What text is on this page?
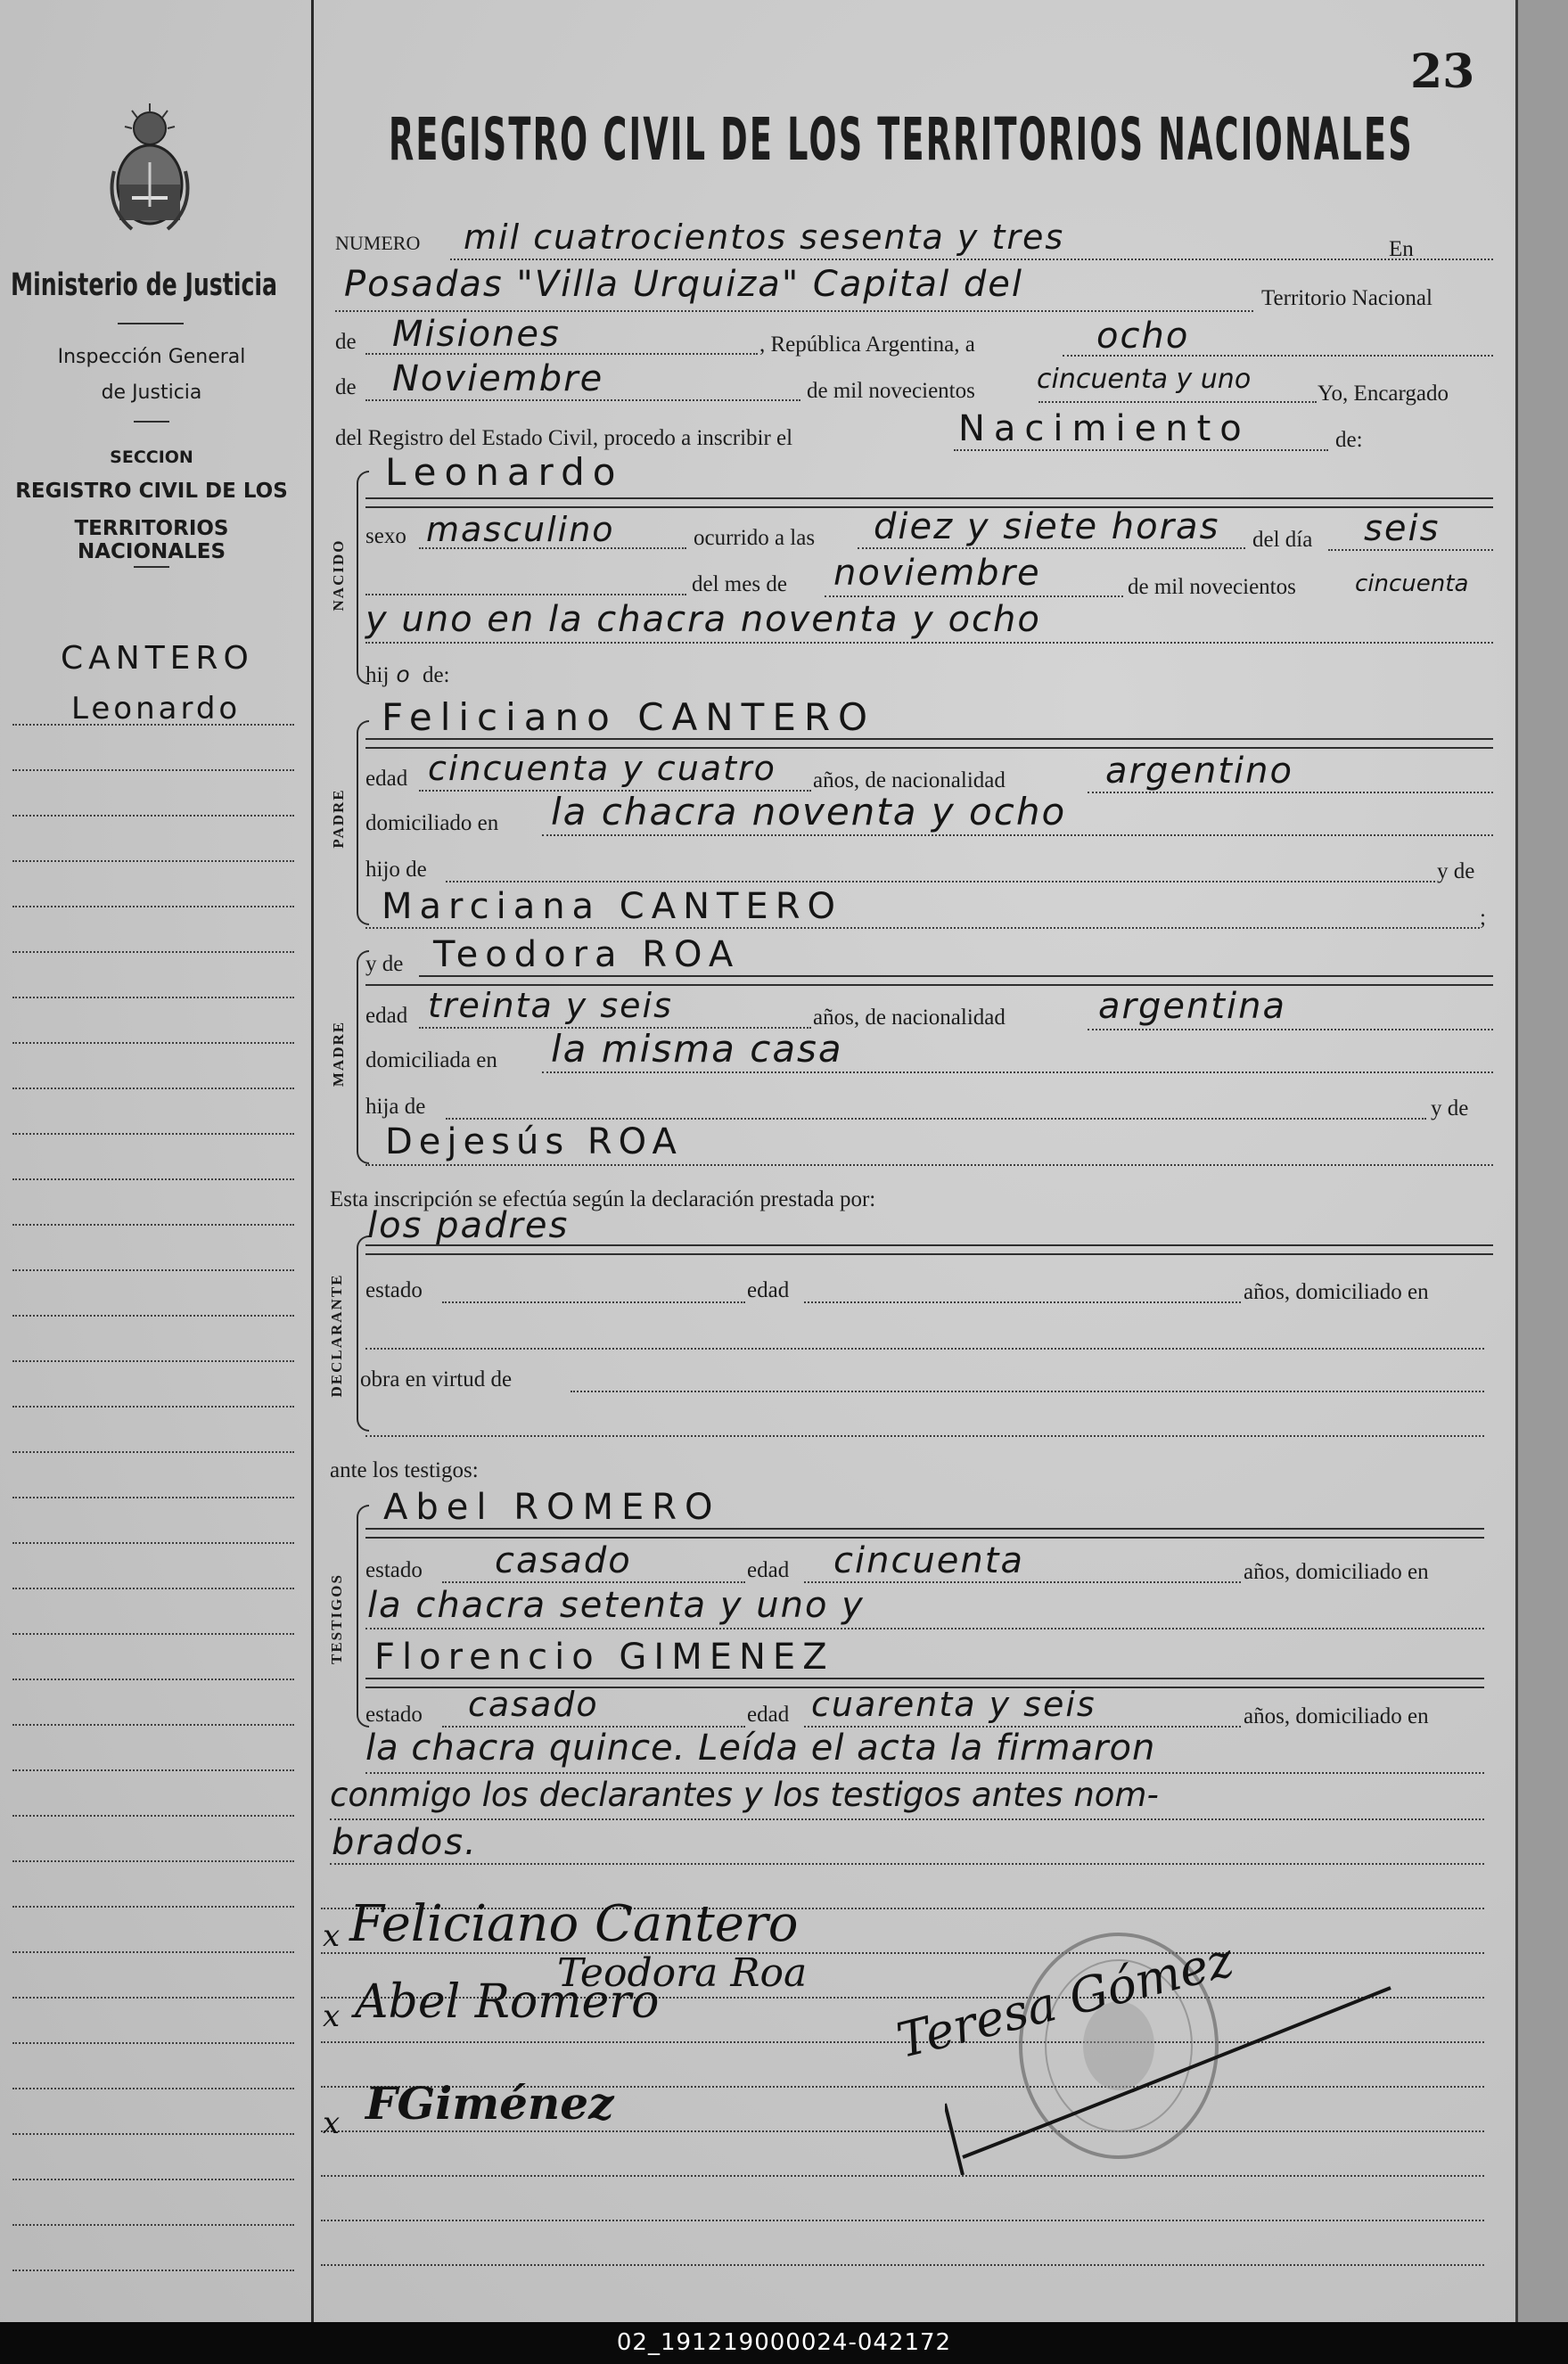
Ministerio de Justicia
Inspección General
de Justicia
SECCION
REGISTRO CIVIL DE LOS
TERRITORIOS NACIONALES
CANTERO
Leonardo
23
REGISTRO CIVIL DE LOS TERRITORIOS NACIONALES
NUMERO mil cuatrocientos sesenta y tres	En
Posadas "Villa Urquiza" Capital del	Territorio Nacional
de Misiones	, República Argentina, a	ocho
de Noviembre	de mil novecientos cincuenta y uno	Yo, Encargado
del Registro del Estado Civil, procedo a inscribir el	Nacimiento	de:
NACIDO
Leonardo
sexo masculino	ocurrido a las diez y siete horas del día seis
del mes de noviembre	de mil novecientos	cincuenta
y uno en la chacra noventa y ocho
hij o de:
PADRE
Feliciano CANTERO
edad cincuenta y cuatro años, de nacionalidad	argentino
domiciliado en la chacra noventa y ocho
hijo de	y de
Marciana CANTERO	;
y de
MADRE
Teodora ROA
edad treinta y seis	años, de nacionalidad	argentina
domiciliada en la misma casa
hija de	y de
Dejesús ROA
Esta inscripción se efectúa según la declaración prestada por:
DECLARANTE
los padres
estado	edad	años, domiciliado en
obra en virtud de
ante los testigos:
TESTIGOS
Abel ROMERO
estado casado	edad cincuenta	años, domiciliado en
la chacra setenta y uno y
Florencio GIMENEZ
estado casado	edad cuarenta y seis	años, domiciliado en
la chacra quince. Leída el acta la firmaron
conmigo los declarantes y los testigos antes nom-
brados.
x Feliciano Cantero
Teodora Roa
x Abel Romero
x FGiménez
Teresa Gómez
02_191219000024-042172
